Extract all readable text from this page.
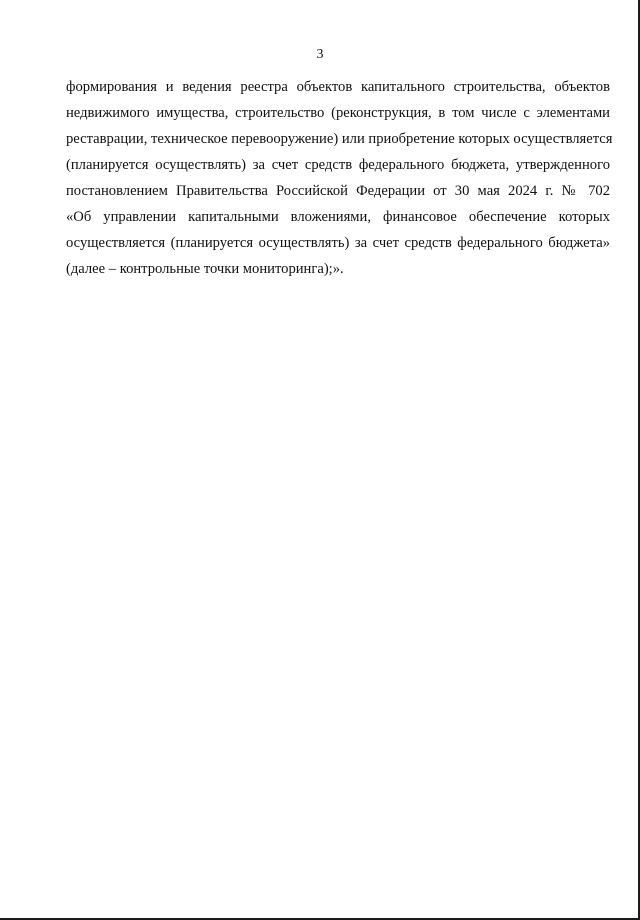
3
формирования и ведения реестра объектов капитального строительства, объектов
недвижимого имущества, строительство (реконструкция, в том числе с элементами
реставрации, техническое перевооружение) или приобретение которых осуществляется
(планируется осуществлять) за счет средств федерального бюджета, утвержденного
постановлением Правительства Российской Федерации от 30 мая 2024 г. № 702
«Об управлении капитальными вложениями, финансовое обеспечение которых
осуществляется (планируется осуществлять) за счет средств федерального бюджета»
(далее – контрольные точки мониторинга);».
